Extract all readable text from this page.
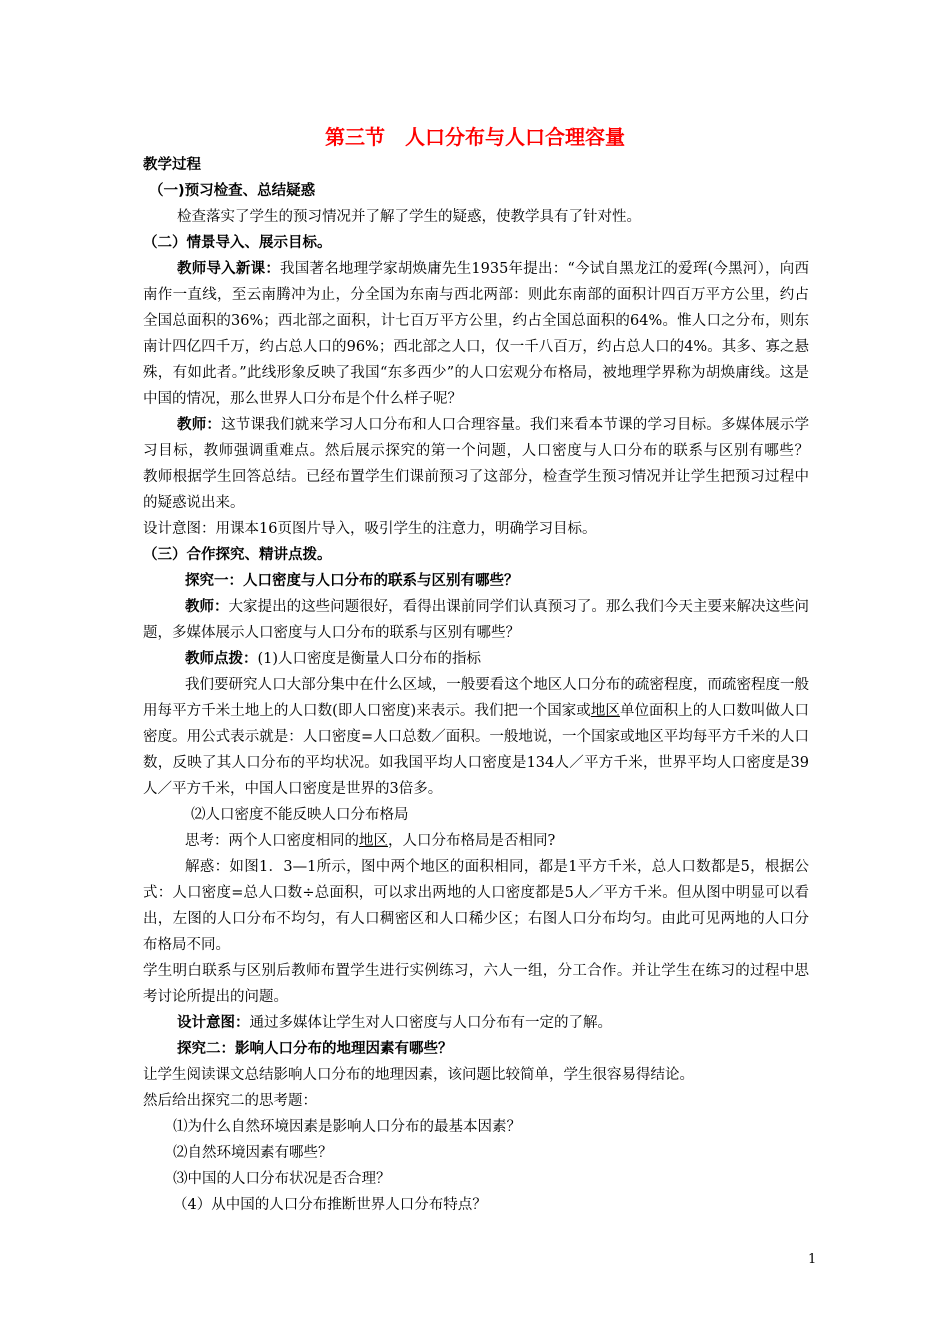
第三节　人口分布与人口合理容量

教学过程

（一)预习检查、总结疑惑

检查落实了学生的预习情况并了解了学生的疑惑，使教学具有了针对性。

（二）情景导入、展示目标。

教师导入新课：我国著名地理学家胡焕庸先生1935年提出：“今试自黑龙江的爱珲(今黑河），向西南作一直线，至云南腾冲为止，分全国为东南与西北两部：则此东南部的面积计四百万平方公里，约占全国总面积的36%；西北部之面积，计七百万平方公里，约占全国总面积的64%。惟人口之分布，则东南计四亿四千万，约占总人口的96%；西北部之人口，仅一千八百万，约占总人口的4%。其多、寡之悬殊，有如此者。”此线形象反映了我国“东多西少”的人口宏观分布格局，被地理学界称为胡焕庸线。这是中国的情况，那么世界人口分布是个什么样子呢？

教师：这节课我们就来学习人口分布和人口合理容量。我们来看本节课的学习目标。多媒体展示学习目标，教师强调重难点。然后展示探究的第一个问题，人口密度与人口分布的联系与区别有哪些？　教师根据学生回答总结。已经布置学生们课前预习了这部分，检查学生预习情况并让学生把预习过程中的疑惑说出来。

设计意图：用课本16页图片导入，吸引学生的注意力，明确学习目标。

（三）合作探究、精讲点拨。

探究一：人口密度与人口分布的联系与区别有哪些？

教师：大家提出的这些问题很好，看得出课前同学们认真预习了。那么我们今天主要来解决这些问题，多媒体展示人口密度与人口分布的联系与区别有哪些？

教师点拨：(1)人口密度是衡量人口分布的指标

我们要研究人口大部分集中在什么区域，一般要看这个地区人口分布的疏密程度，而疏密程度一般用每平方千米土地上的人口数(即人口密度)来表示。我们把一个国家或地区单位面积上的人口数叫做人口密度。用公式表示就是：人口密度=人口总数／面积。一般地说，一个国家或地区平均每平方千米的人口数，反映了其人口分布的平均状况。如我国平均人口密度是134人／平方千米，世界平均人口密度是39人／平方千米，中国人口密度是世界的3倍多。

⑵人口密度不能反映人口分布格局

思考：两个人口密度相同的地区，人口分布格局是否相同?

解惑：如图1．3—1所示，图中两个地区的面积相同，都是1平方千米，总人口数都是5，根据公式：人口密度=总人口数÷总面积，可以求出两地的人口密度都是5人／平方千米。但从图中明显可以看出，左图的人口分布不均匀，有人口稠密区和人口稀少区；右图人口分布均匀。由此可见两地的人口分布格局不同。

学生明白联系与区别后教师布置学生进行实例练习，六人一组，分工合作。并让学生在练习的过程中思考讨论所提出的问题。

设计意图：通过多媒体让学生对人口密度与人口分布有一定的了解。

探究二：影响人口分布的地理因素有哪些？

让学生阅读课文总结影响人口分布的地理因素，该问题比较简单，学生很容易得结论。

然后给出探究二的思考题：

⑴为什么自然环境因素是影响人口分布的最基本因素？

⑵自然环境因素有哪些？

⑶中国的人口分布状况是否合理？

（4）从中国的人口分布推断世界人口分布特点？

1
